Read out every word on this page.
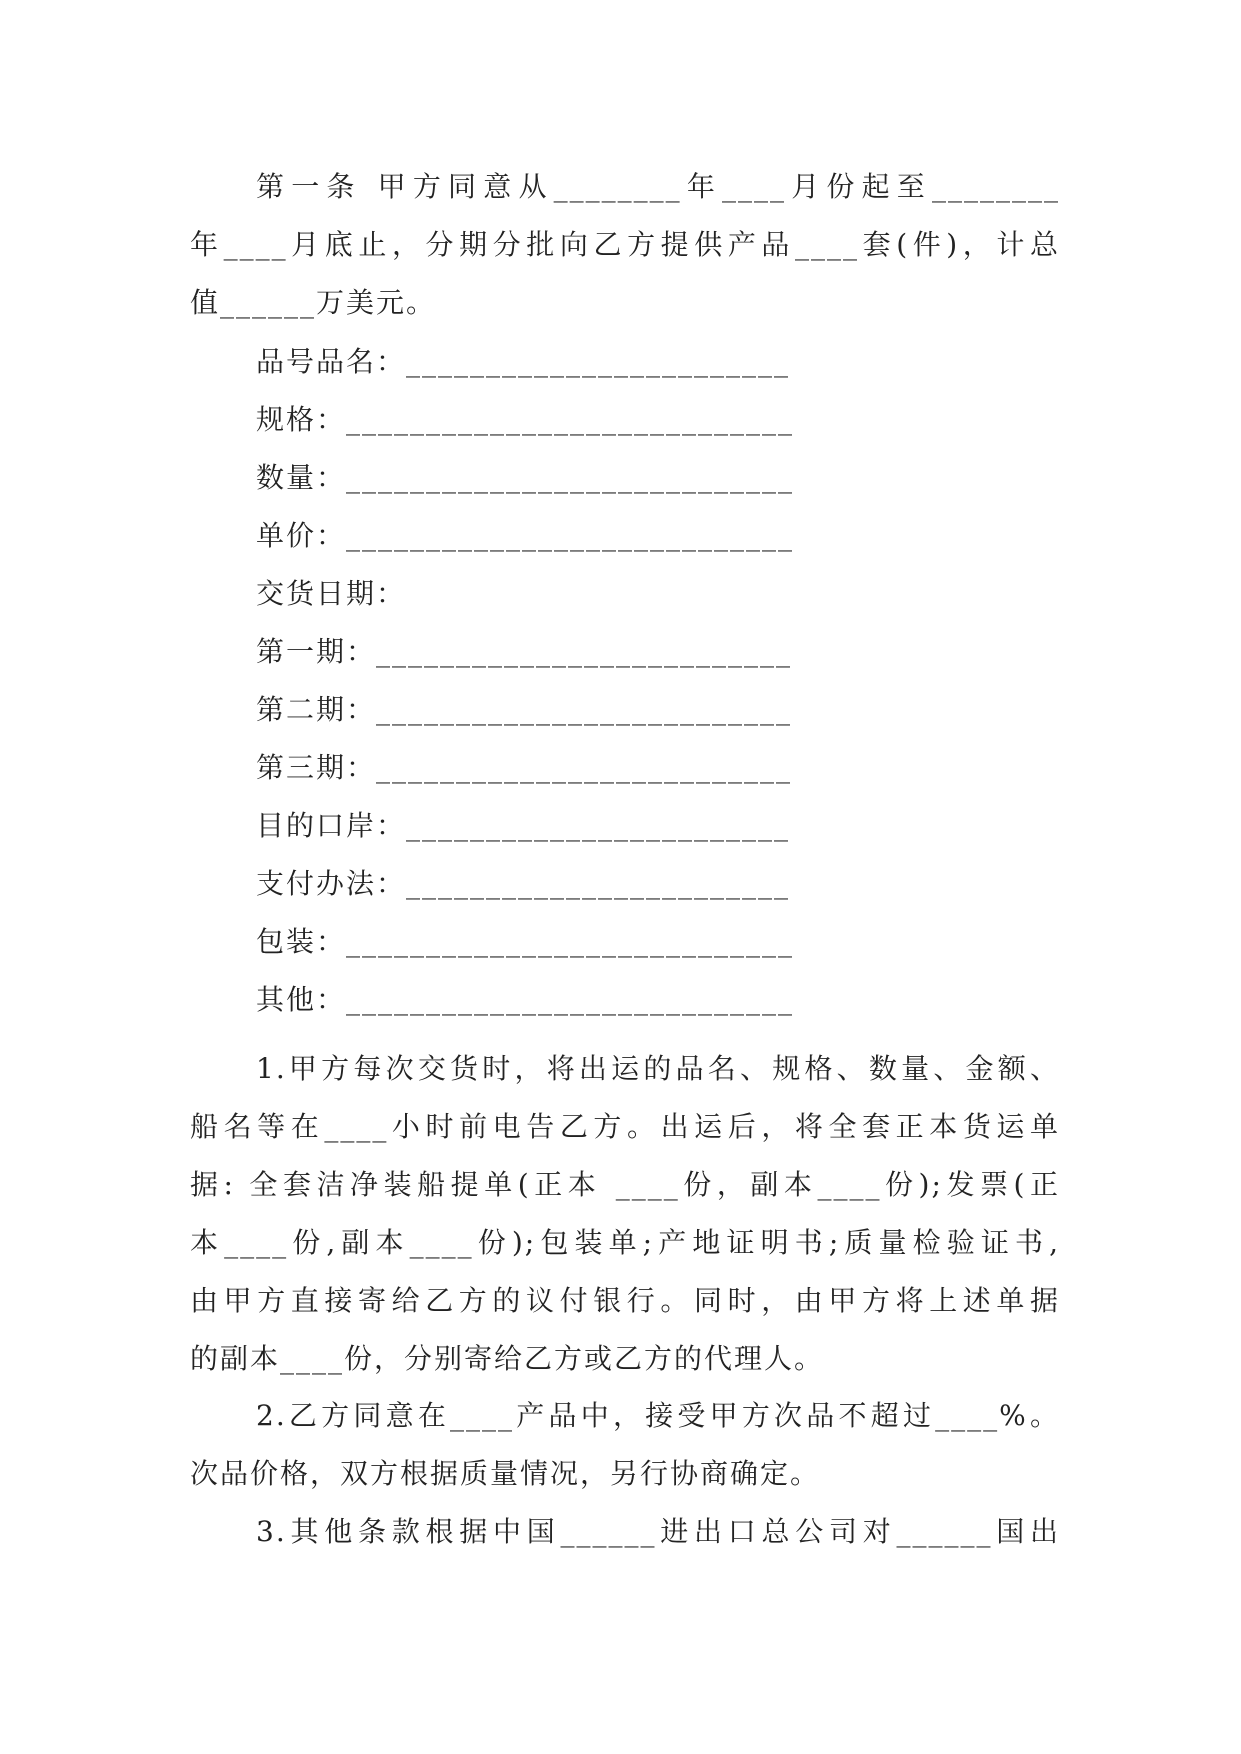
第一条 甲方同意从________年____月份起至________
年____月底止，分期分批向乙方提供产品____套(件)，计总
值______万美元。
品号品名：________________________
规格：____________________________
数量：____________________________
单价：____________________________
交货日期：
第一期：__________________________
第二期：__________________________
第三期：__________________________
目的口岸：________________________
支付办法：________________________
包装：____________________________
其他：____________________________
1.甲方每次交货时，将出运的品名、规格、数量、金额、
船名等在____小时前电告乙方。出运后，将全套正本货运单
据: 全套洁净装船提单(正本 ____份，副本____份);发票(正
本____份,副本____份);包装单;产地证明书;质量检验证书,
由甲方直接寄给乙方的议付银行。同时，由甲方将上述单据
的副本____份，分别寄给乙方或乙方的代理人。
2.乙方同意在____产品中，接受甲方次品不超过____%。
次品价格，双方根据质量情况，另行协商确定。
3.其他条款根据中国______进出口总公司对______国出
